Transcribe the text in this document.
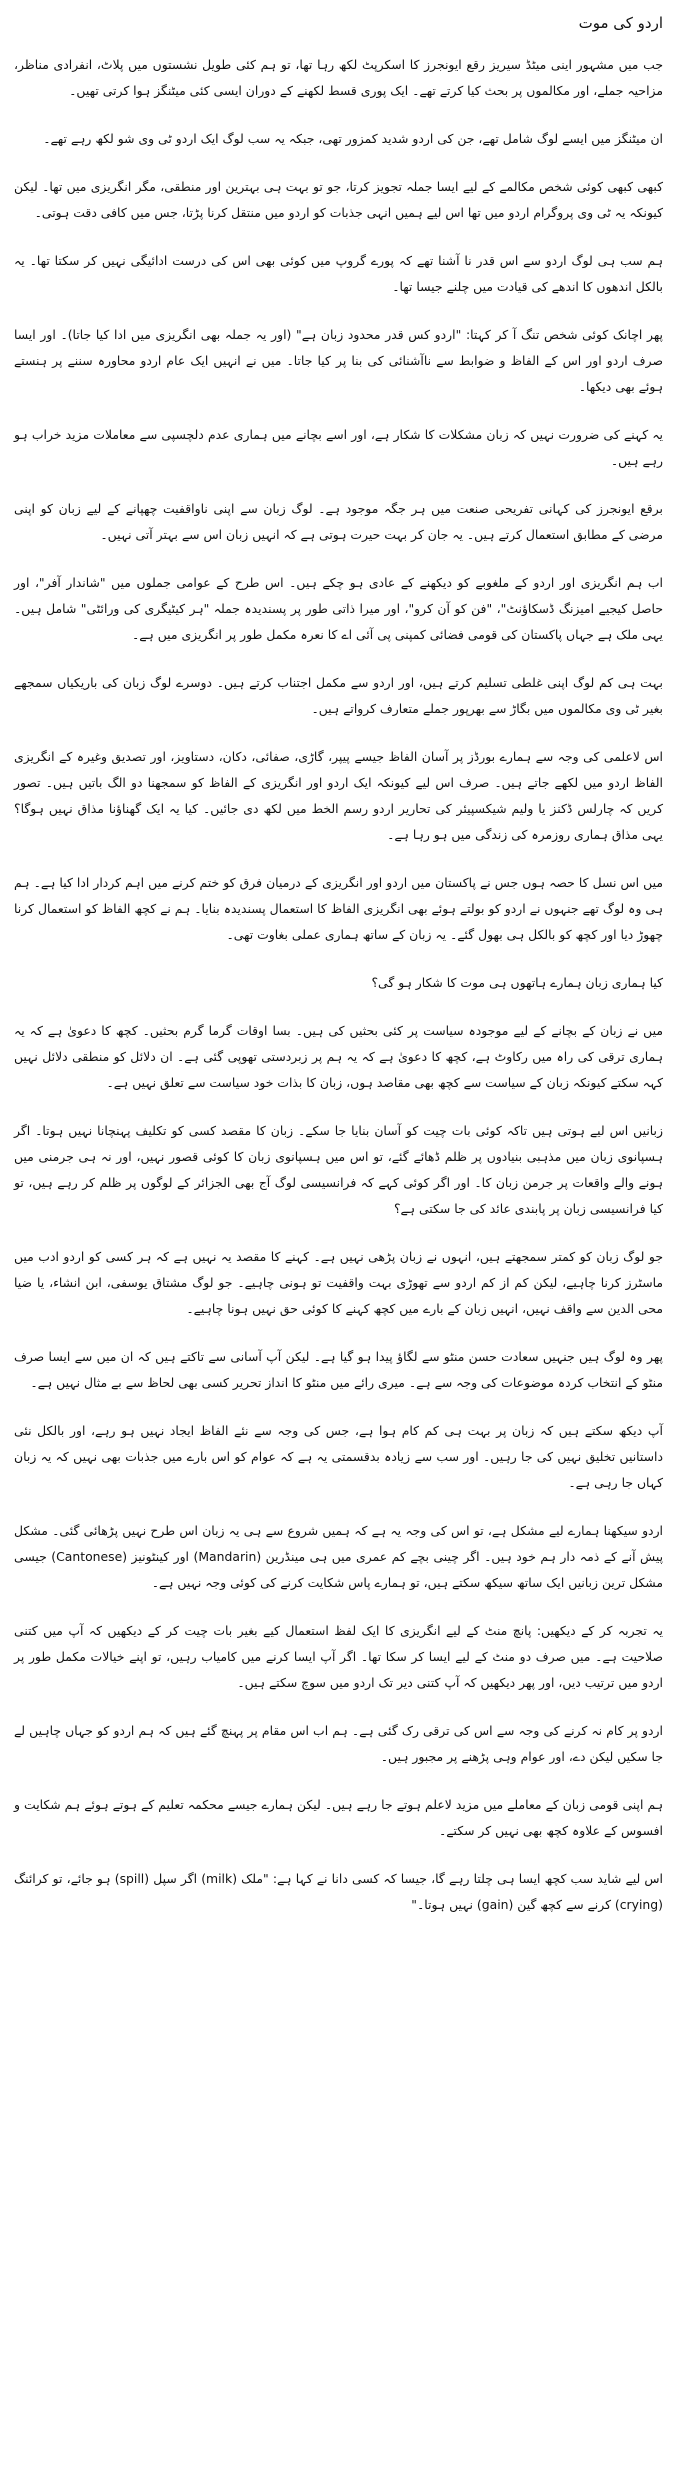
اردو کی موت

جب میں مشہور اینی میٹڈ سیریز رقع ایونجرز کا اسکرپٹ لکھ رہا تھا، تو ہم کئی طویل نشستوں میں پلاٹ، انفرادی مناظر، مزاحیہ جملے، اور مکالموں پر بحث کیا کرتے تھے۔ ایک پوری قسط لکھنے کے دوران ایسی کئی میٹنگز ہوا کرتی تھیں۔

ان میٹنگز میں ایسے لوگ شامل تھے، جن کی اردو شدید کمزور تھی، جبکہ یہ سب لوگ ایک اردو ٹی وی شو لکھ رہے تھے۔

کبھی کبھی کوئی شخص مکالمے کے لیے ایسا جملہ تجویز کرتا، جو تو بہت ہی بہترین اور منطقی، مگر انگریزی میں تھا۔ لیکن کیونکہ یہ ٹی وی پروگرام اردو میں تھا اس لیے ہمیں انہی جذبات کو اردو میں منتقل کرنا پڑتا، جس میں کافی دقت ہوتی۔

ہم سب ہی لوگ اردو سے اس قدر نا آشنا تھے کہ پورے گروپ میں کوئی بھی اس کی درست ادائیگی نہیں کر سکتا تھا۔ یہ بالکل اندھوں کا اندھے کی قیادت میں چلنے جیسا تھا۔

پھر اچانک کوئی شخص تنگ آ کر کہتا: "اردو کس قدر محدود زبان ہے" (اور یہ جملہ بھی انگریزی میں ادا کیا جاتا)۔ اور ایسا صرف اردو اور اس کے الفاظ و ضوابط سے ناآشنائی کی بنا پر کیا جاتا۔ میں نے انہیں ایک عام اردو محاورہ سننے پر ہنستے ہوئے بھی دیکھا۔

یہ کہنے کی ضرورت نہیں کہ زبان مشکلات کا شکار ہے، اور اسے بچانے میں ہماری عدم دلچسپی سے معاملات مزید خراب ہو رہے ہیں۔

برقع ایونجرز کی کہانی تفریحی صنعت میں ہر جگہ موجود ہے۔ لوگ زبان سے اپنی ناواقفیت چھپانے کے لیے زبان کو اپنی مرضی کے مطابق استعمال کرتے ہیں۔ یہ جان کر بہت حیرت ہوتی ہے کہ انہیں زبان اس سے بہتر آتی نہیں۔

اب ہم انگریزی اور اردو کے ملغوبے کو دیکھنے کے عادی ہو چکے ہیں۔ اس طرح کے عوامی جملوں میں "شاندار آفر"، اور حاصل کیجیے امیزنگ ڈسکاؤنٹ"، "فن کو آن کرو"، اور میرا ذاتی طور پر پسندیدہ جملہ "ہر کیٹیگری کی ورائٹی" شامل ہیں۔ یہی ملک ہے جہاں پاکستان کی قومی فضائی کمپنی پی آئی اے کا نعرہ مکمل طور پر انگریزی میں ہے۔

بہت ہی کم لوگ اپنی غلطی تسلیم کرتے ہیں، اور اردو سے مکمل اجتناب کرتے ہیں۔ دوسرے لوگ زبان کی باریکیاں سمجھے بغیر ٹی وی مکالموں میں بگاڑ سے بھرپور جملے متعارف کرواتے ہیں۔

اس لاعلمی کی وجہ سے ہمارے بورڈز پر آسان الفاظ جیسے پیپر، گاڑی، صفائی، دکان، دستاویز، اور تصدیق وغیرہ کے انگریزی الفاظ اردو میں لکھے جاتے ہیں۔ صرف اس لیے کیونکہ ایک اردو اور انگریزی کے الفاظ کو سمجھنا دو الگ باتیں ہیں۔ تصور کریں کہ چارلس ڈکنز یا ولیم شیکسپیئر کی تحاریر اردو رسم الخط میں لکھ دی جائیں۔ کیا یہ ایک گھناؤنا مذاق نہیں ہوگا؟ یہی مذاق ہماری روزمرہ کی زندگی میں ہو رہا ہے۔

میں اس نسل کا حصہ ہوں جس نے پاکستان میں اردو اور انگریزی کے درمیان فرق کو ختم کرنے میں اہم کردار ادا کیا ہے۔ ہم ہی وہ لوگ تھے جنہوں نے اردو کو بولتے ہوئے بھی انگریزی الفاظ کا استعمال پسندیدہ بنایا۔ ہم نے کچھ الفاظ کو استعمال کرنا چھوڑ دیا اور کچھ کو بالکل ہی بھول گئے۔ یہ زبان کے ساتھ ہماری عملی بغاوت تھی۔

کیا ہماری زبان ہمارے ہاتھوں ہی موت کا شکار ہو گی؟

میں نے زبان کے بچانے کے لیے موجودہ سیاست پر کئی بحثیں کی ہیں۔ بسا اوقات گرما گرم بحثیں۔ کچھ کا دعویٰ ہے کہ یہ ہماری ترقی کی راہ میں رکاوٹ ہے، کچھ کا دعویٰ ہے کہ یہ ہم پر زبردستی تھوپی گئی ہے۔ ان دلائل کو منطقی دلائل نہیں کہہ سکتے کیونکہ زبان کے سیاست سے کچھ بھی مقاصد ہوں، زبان کا بذات خود سیاست سے تعلق نہیں ہے۔

زبانیں اس لیے ہوتی ہیں تاکہ کوئی بات چیت کو آسان بنایا جا سکے۔ زبان کا مقصد کسی کو تکلیف پہنچانا نہیں ہوتا۔ اگر ہسپانوی زبان میں مذہبی بنیادوں پر ظلم ڈھائے گئے، تو اس میں ہسپانوی زبان کا کوئی قصور نہیں، اور نہ ہی جرمنی میں ہونے والے واقعات پر جرمن زبان کا۔ اور اگر کوئی کہے کہ فرانسیسی لوگ آج بھی الجزائر کے لوگوں پر ظلم کر رہے ہیں، تو کیا فرانسیسی زبان پر پابندی عائد کی جا سکتی ہے؟

جو لوگ زبان کو کمتر سمجھتے ہیں، انہوں نے زبان پڑھی نہیں ہے۔ کہنے کا مقصد یہ نہیں ہے کہ ہر کسی کو اردو ادب میں ماسٹرز کرنا چاہیے، لیکن کم از کم اردو سے تھوڑی بہت واقفیت تو ہونی چاہیے۔ جو لوگ مشتاق یوسفی، ابن انشاء، یا ضیا محی الدین سے واقف نہیں، انہیں زبان کے بارے میں کچھ کہنے کا کوئی حق نہیں ہونا چاہیے۔

پھر وہ لوگ ہیں جنہیں سعادت حسن منٹو سے لگاؤ پیدا ہو گیا ہے۔ لیکن آپ آسانی سے تاکتے ہیں کہ ان میں سے ایسا صرف منٹو کے انتخاب کردہ موضوعات کی وجہ سے ہے۔ میری رائے میں منٹو کا انداز تحریر کسی بھی لحاظ سے بے مثال نہیں ہے۔

آپ دیکھ سکتے ہیں کہ زبان پر بہت ہی کم کام ہوا ہے، جس کی وجہ سے نئے الفاظ ایجاد نہیں ہو رہے، اور بالکل نئی داستانیں تخلیق نہیں کی جا رہیں۔ اور سب سے زیادہ بدقسمتی یہ ہے کہ عوام کو اس بارے میں جذبات بھی نہیں کہ یہ زبان کہاں جا رہی ہے۔

اردو سیکھنا ہمارے لیے مشکل ہے، تو اس کی وجہ یہ ہے کہ ہمیں شروع سے ہی یہ زبان اس طرح نہیں پڑھائی گئی۔ مشکل پیش آنے کے ذمہ دار ہم خود ہیں۔ اگر چینی بچے کم عمری میں ہی مینڈرین (Mandarin) اور کینٹونیز (Cantonese) جیسی مشکل ترین زبانیں ایک ساتھ سیکھ سکتے ہیں، تو ہمارے پاس شکایت کرنے کی کوئی وجہ نہیں ہے۔

یہ تجربہ کر کے دیکھیں: پانچ منٹ کے لیے انگریزی کا ایک لفظ استعمال کیے بغیر بات چیت کر کے دیکھیں کہ آپ میں کتنی صلاحیت ہے۔ میں صرف دو منٹ کے لیے ایسا کر سکا تھا۔ اگر آپ ایسا کرنے میں کامیاب رہیں، تو اپنے خیالات مکمل طور پر اردو میں ترتیب دیں، اور پھر دیکھیں کہ آپ کتنی دیر تک اردو میں سوچ سکتے ہیں۔

اردو پر کام نہ کرنے کی وجہ سے اس کی ترقی رک گئی ہے۔ ہم اب اس مقام پر پہنچ گئے ہیں کہ ہم اردو کو جہاں چاہیں لے جا سکیں لیکن دے، اور عوام وہی پڑھنے پر مجبور ہیں۔

ہم اپنی قومی زبان کے معاملے میں مزید لاعلم ہوتے جا رہے ہیں۔ لیکن ہمارے جیسے محکمہ تعلیم کے ہوتے ہوئے ہم شکایت و افسوس کے علاوہ کچھ بھی نہیں کر سکتے۔

اس لیے شاید سب کچھ ایسا ہی چلتا رہے گا، جیسا کہ کسی دانا نے کہا ہے: "ملک (milk) اگر سپل (spill) ہو جائے، تو کرائنگ (crying) کرنے سے کچھ گین (gain) نہیں ہوتا۔"
